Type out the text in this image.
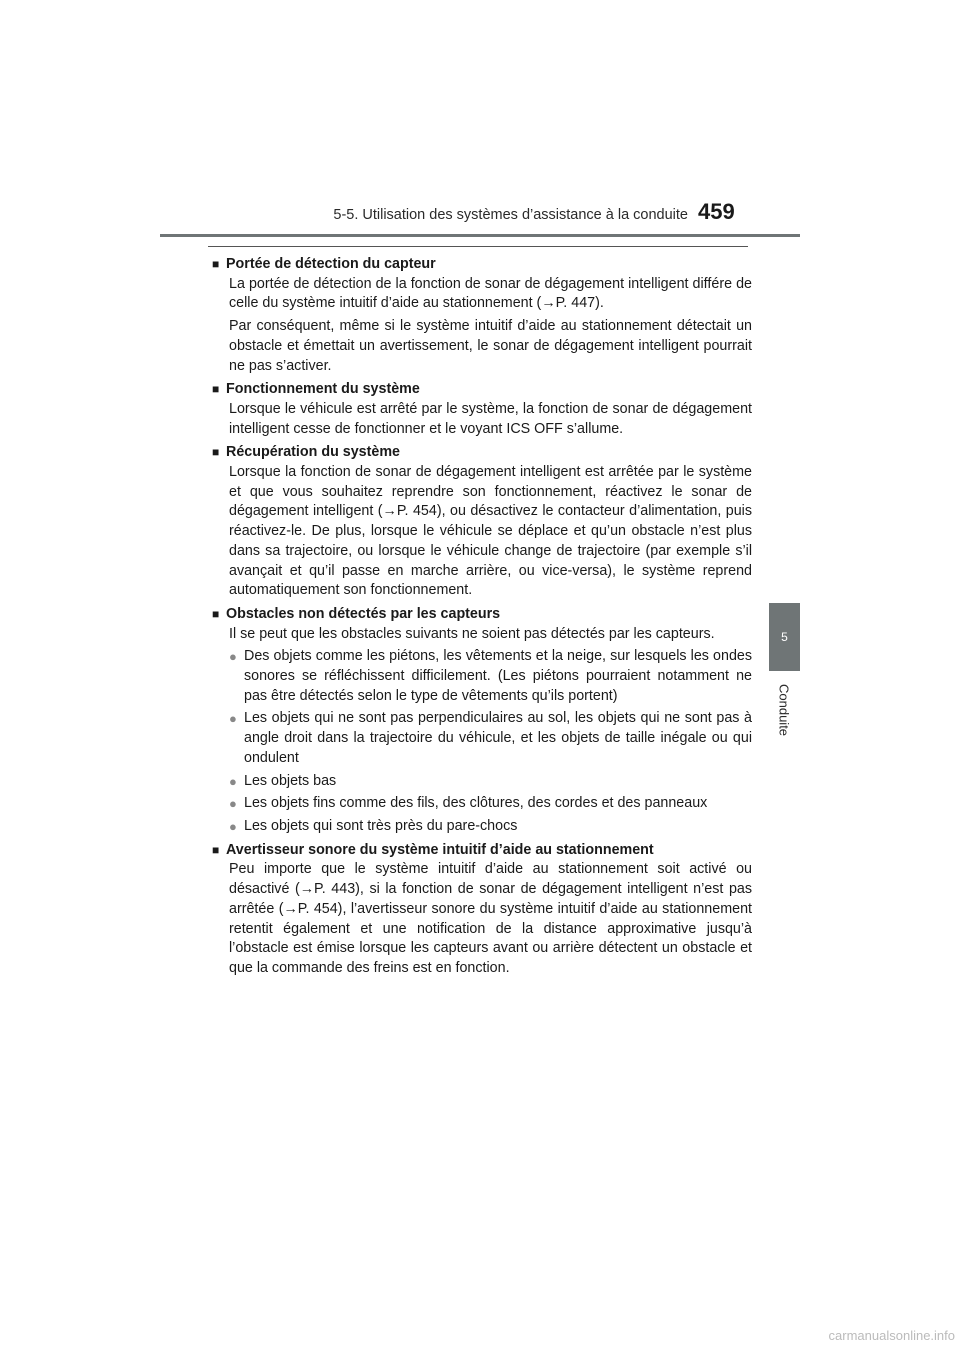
5-5. Utilisation des systèmes d’assistance à la conduite 459
5
Conduite
■ Portée de détection du capteur

La portée de détection de la fonction de sonar de dégagement intelligent différe de celle du système intuitif d’aide au stationnement (→P. 447).

Par conséquent, même si le système intuitif d’aide au stationnement détectait un obstacle et émettait un avertissement, le sonar de dégagement intelligent pourrait ne pas s’activer.

■ Fonctionnement du système

Lorsque le véhicule est arrêté par le système, la fonction de sonar de dégagement intelligent cesse de fonctionner et le voyant ICS OFF s’allume.

■ Récupération du système

Lorsque la fonction de sonar de dégagement intelligent est arrêtée par le système et que vous souhaitez reprendre son fonctionnement, réactivez le sonar de dégagement intelligent (→P. 454), ou désactivez le contacteur d’alimentation, puis réactivez-le. De plus, lorsque le véhicule se déplace et qu’un obstacle n’est plus dans sa trajectoire, ou lorsque le véhicule change de trajectoire (par exemple s’il avançait et qu’il passe en marche arrière, ou vice-versa), le système reprend automatiquement son fonctionnement.

■ Obstacles non détectés par les capteurs

Il se peut que les obstacles suivants ne soient pas détectés par les capteurs.

● Des objets comme les piétons, les vêtements et la neige, sur lesquels les ondes sonores se réfléchissent difficilement. (Les piétons pourraient notamment ne pas être détectés selon le type de vêtements qu’ils portent)
● Les objets qui ne sont pas perpendiculaires au sol, les objets qui ne sont pas à angle droit dans la trajectoire du véhicule, et les objets de taille inégale ou qui ondulent
● Les objets bas
● Les objets fins comme des fils, des clôtures, des cordes et des panneaux
● Les objets qui sont très près du pare-chocs
■ Avertisseur sonore du système intuitif d’aide au stationnement

Peu importe que le système intuitif d’aide au stationnement soit activé ou désactivé (→P. 443), si la fonction de sonar de dégagement intelligent n’est pas arrêtée (→P. 454), l’avertisseur sonore du système intuitif d’aide au stationnement retentit également et une notification de la distance approximative jusqu’à l’obstacle est émise lorsque les capteurs avant ou arrière détectent un obstacle et que la commande des freins est en fonction.

carmanualsonline.info
